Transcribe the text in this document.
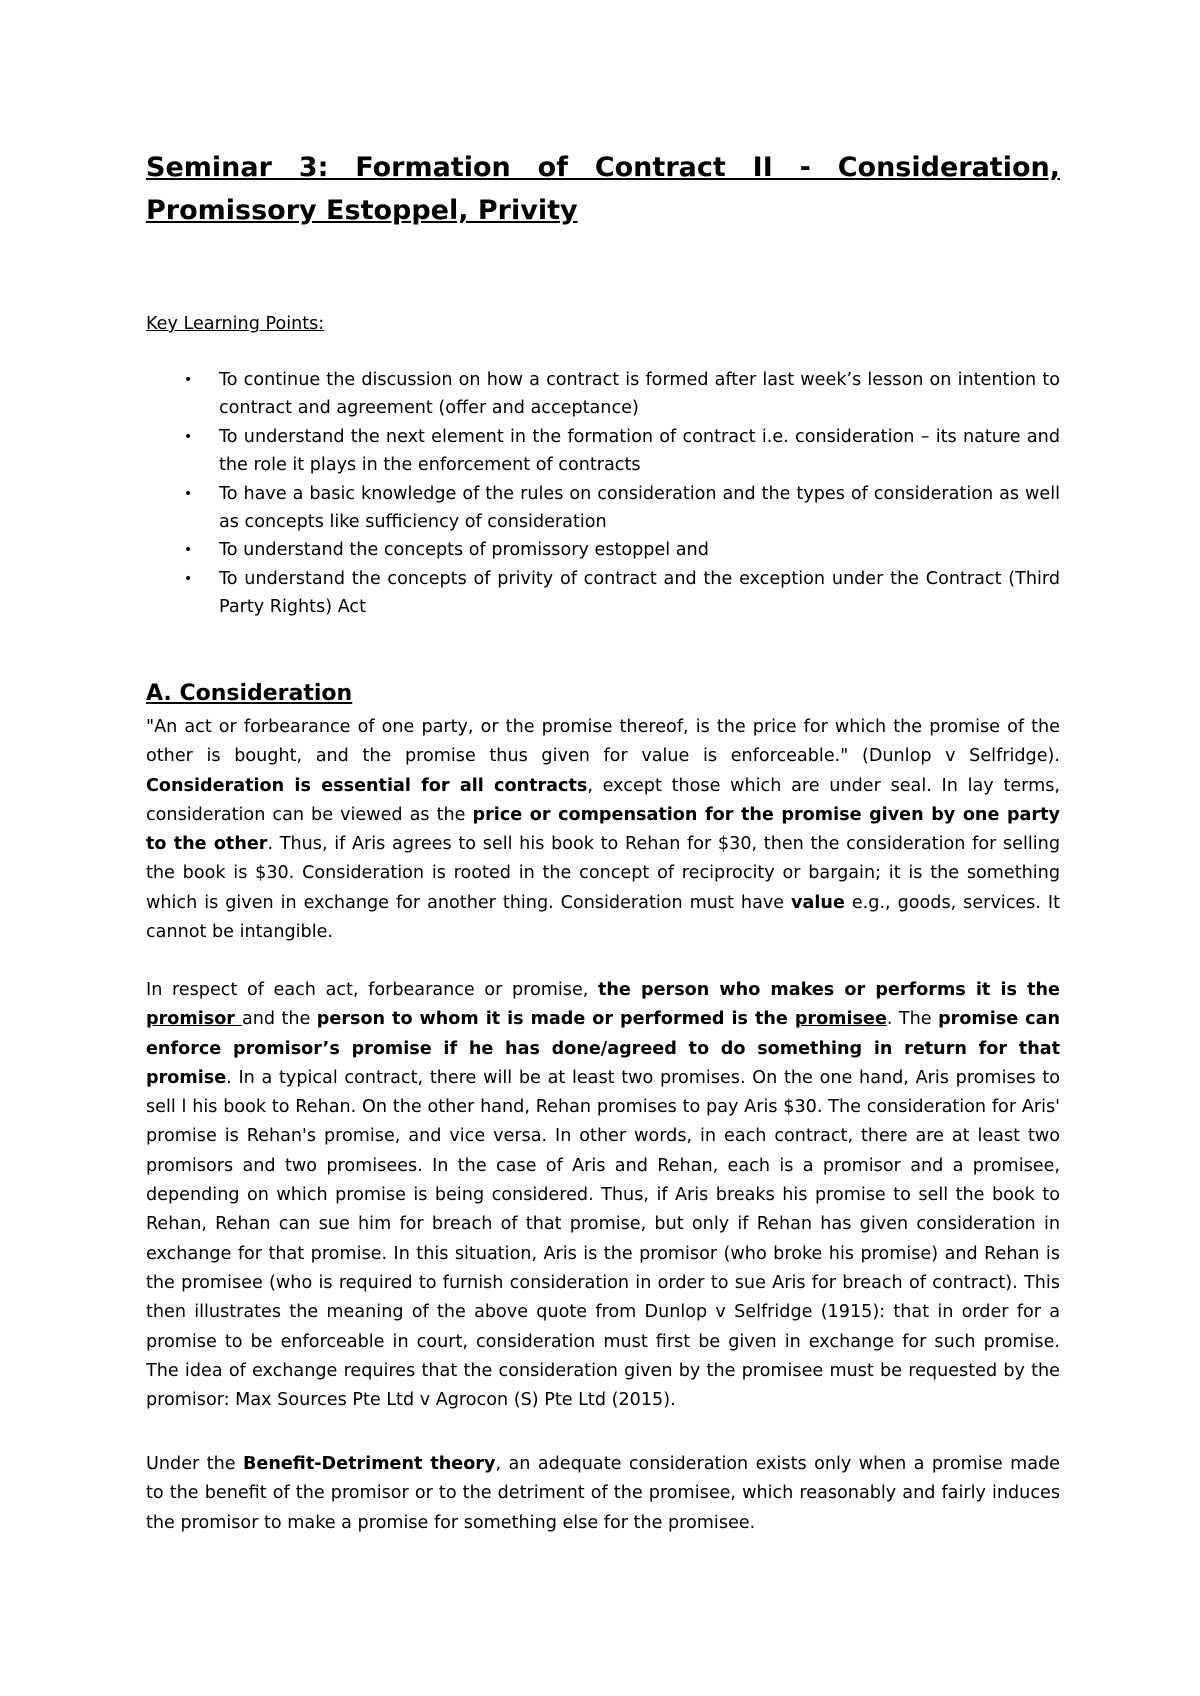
Seminar 3: Formation of Contract II - Consideration, Promissory Estoppel, Privity
Key Learning Points:
• To continue the discussion on how a contract is formed after last week’s lesson on intention to contract and agreement (offer and acceptance)
• To understand the next element in the formation of contract i.e. consideration – its nature and the role it plays in the enforcement of contracts
• To have a basic knowledge of the rules on consideration and the types of consideration as well as concepts like sufficiency of consideration
• To understand the concepts of promissory estoppel and
• To understand the concepts of privity of contract and the exception under the Contract (Third Party Rights) Act
A. Consideration

"An act or forbearance of one party, or the promise thereof, is the price for which the promise of the other is bought, and the promise thus given for value is enforceable." (Dunlop v Selfridge). Consideration is essential for all contracts, except those which are under seal. In lay terms, consideration can be viewed as the price or compensation for the promise given by one party to the other. Thus, if Aris agrees to sell his book to Rehan for $30, then the consideration for selling the book is $30. Consideration is rooted in the concept of reciprocity or bargain; it is the something which is given in exchange for another thing. Consideration must have value e.g., goods, services. It cannot be intangible.

In respect of each act, forbearance or promise, the person who makes or performs it is the promisor and the person to whom it is made or performed is the promisee. The promise can enforce promisor’s promise if he has done/agreed to do something in return for that promise. In a typical contract, there will be at least two promises. On the one hand, Aris promises to sell l his book to Rehan. On the other hand, Rehan promises to pay Aris $30. The consideration for Aris' promise is Rehan's promise, and vice versa. In other words, in each contract, there are at least two promisors and two promisees. In the case of Aris and Rehan, each is a promisor and a promisee, depending on which promise is being considered. Thus, if Aris breaks his promise to sell the book to Rehan, Rehan can sue him for breach of that promise, but only if Rehan has given consideration in exchange for that promise. In this situation, Aris is the promisor (who broke his promise) and Rehan is the promisee (who is required to furnish consideration in order to sue Aris for breach of contract). This then illustrates the meaning of the above quote from Dunlop v Selfridge (1915): that in order for a promise to be enforceable in court, consideration must first be given in exchange for such promise. The idea of exchange requires that the consideration given by the promisee must be requested by the promisor: Max Sources Pte Ltd v Agrocon (S) Pte Ltd (2015).

Under the Benefit-Detriment theory, an adequate consideration exists only when a promise made to the benefit of the promisor or to the detriment of the promisee, which reasonably and fairly induces the promisor to make a promise for something else for the promisee.
